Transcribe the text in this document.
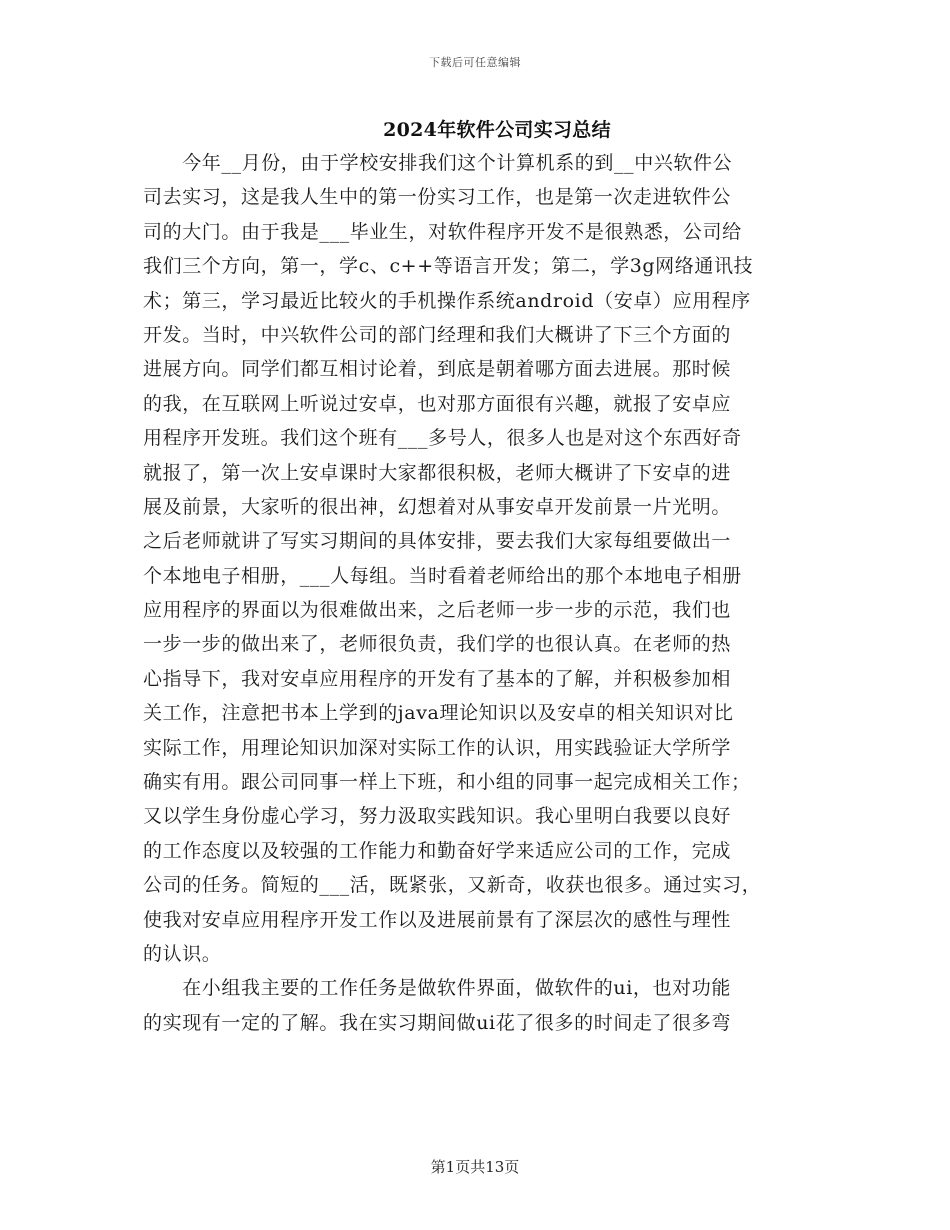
下载后可任意编辑
2024年软件公司实习总结
　　今年__月份，由于学校安排我们这个计算机系的到__中兴软件公
司去实习，这是我人生中的第一份实习工作，也是第一次走进软件公
司的大门。由于我是___毕业生，对软件程序开发不是很熟悉，公司给
我们三个方向，第一，学c、c++等语言开发；第二，学3g网络通讯技
术；第三，学习最近比较火的手机操作系统android（安卓）应用程序
开发。当时，中兴软件公司的部门经理和我们大概讲了下三个方面的
进展方向。同学们都互相讨论着，到底是朝着哪方面去进展。那时候
的我，在互联网上听说过安卓，也对那方面很有兴趣，就报了安卓应
用程序开发班。我们这个班有___多号人，很多人也是对这个东西好奇
就报了，第一次上安卓课时大家都很积极，老师大概讲了下安卓的进
展及前景，大家听的很出神，幻想着对从事安卓开发前景一片光明。
之后老师就讲了写实习期间的具体安排，要去我们大家每组要做出一
个本地电子相册，___人每组。当时看着老师给出的那个本地电子相册
应用程序的界面以为很难做出来，之后老师一步一步的示范，我们也
一步一步的做出来了，老师很负责，我们学的也很认真。在老师的热
心指导下，我对安卓应用程序的开发有了基本的了解，并积极参加相
关工作，注意把书本上学到的java理论知识以及安卓的相关知识对比
实际工作，用理论知识加深对实际工作的认识，用实践验证大学所学
确实有用。跟公司同事一样上下班，和小组的同事一起完成相关工作；
又以学生身份虚心学习，努力汲取实践知识。我心里明白我要以良好
的工作态度以及较强的工作能力和勤奋好学来适应公司的工作，完成
公司的任务。简短的___活，既紧张，又新奇，收获也很多。通过实习，
使我对安卓应用程序开发工作以及进展前景有了深层次的感性与理性
的认识。
　　在小组我主要的工作任务是做软件界面，做软件的ui，也对功能
的实现有一定的了解。我在实习期间做ui花了很多的时间走了很多弯
第1页共13页
